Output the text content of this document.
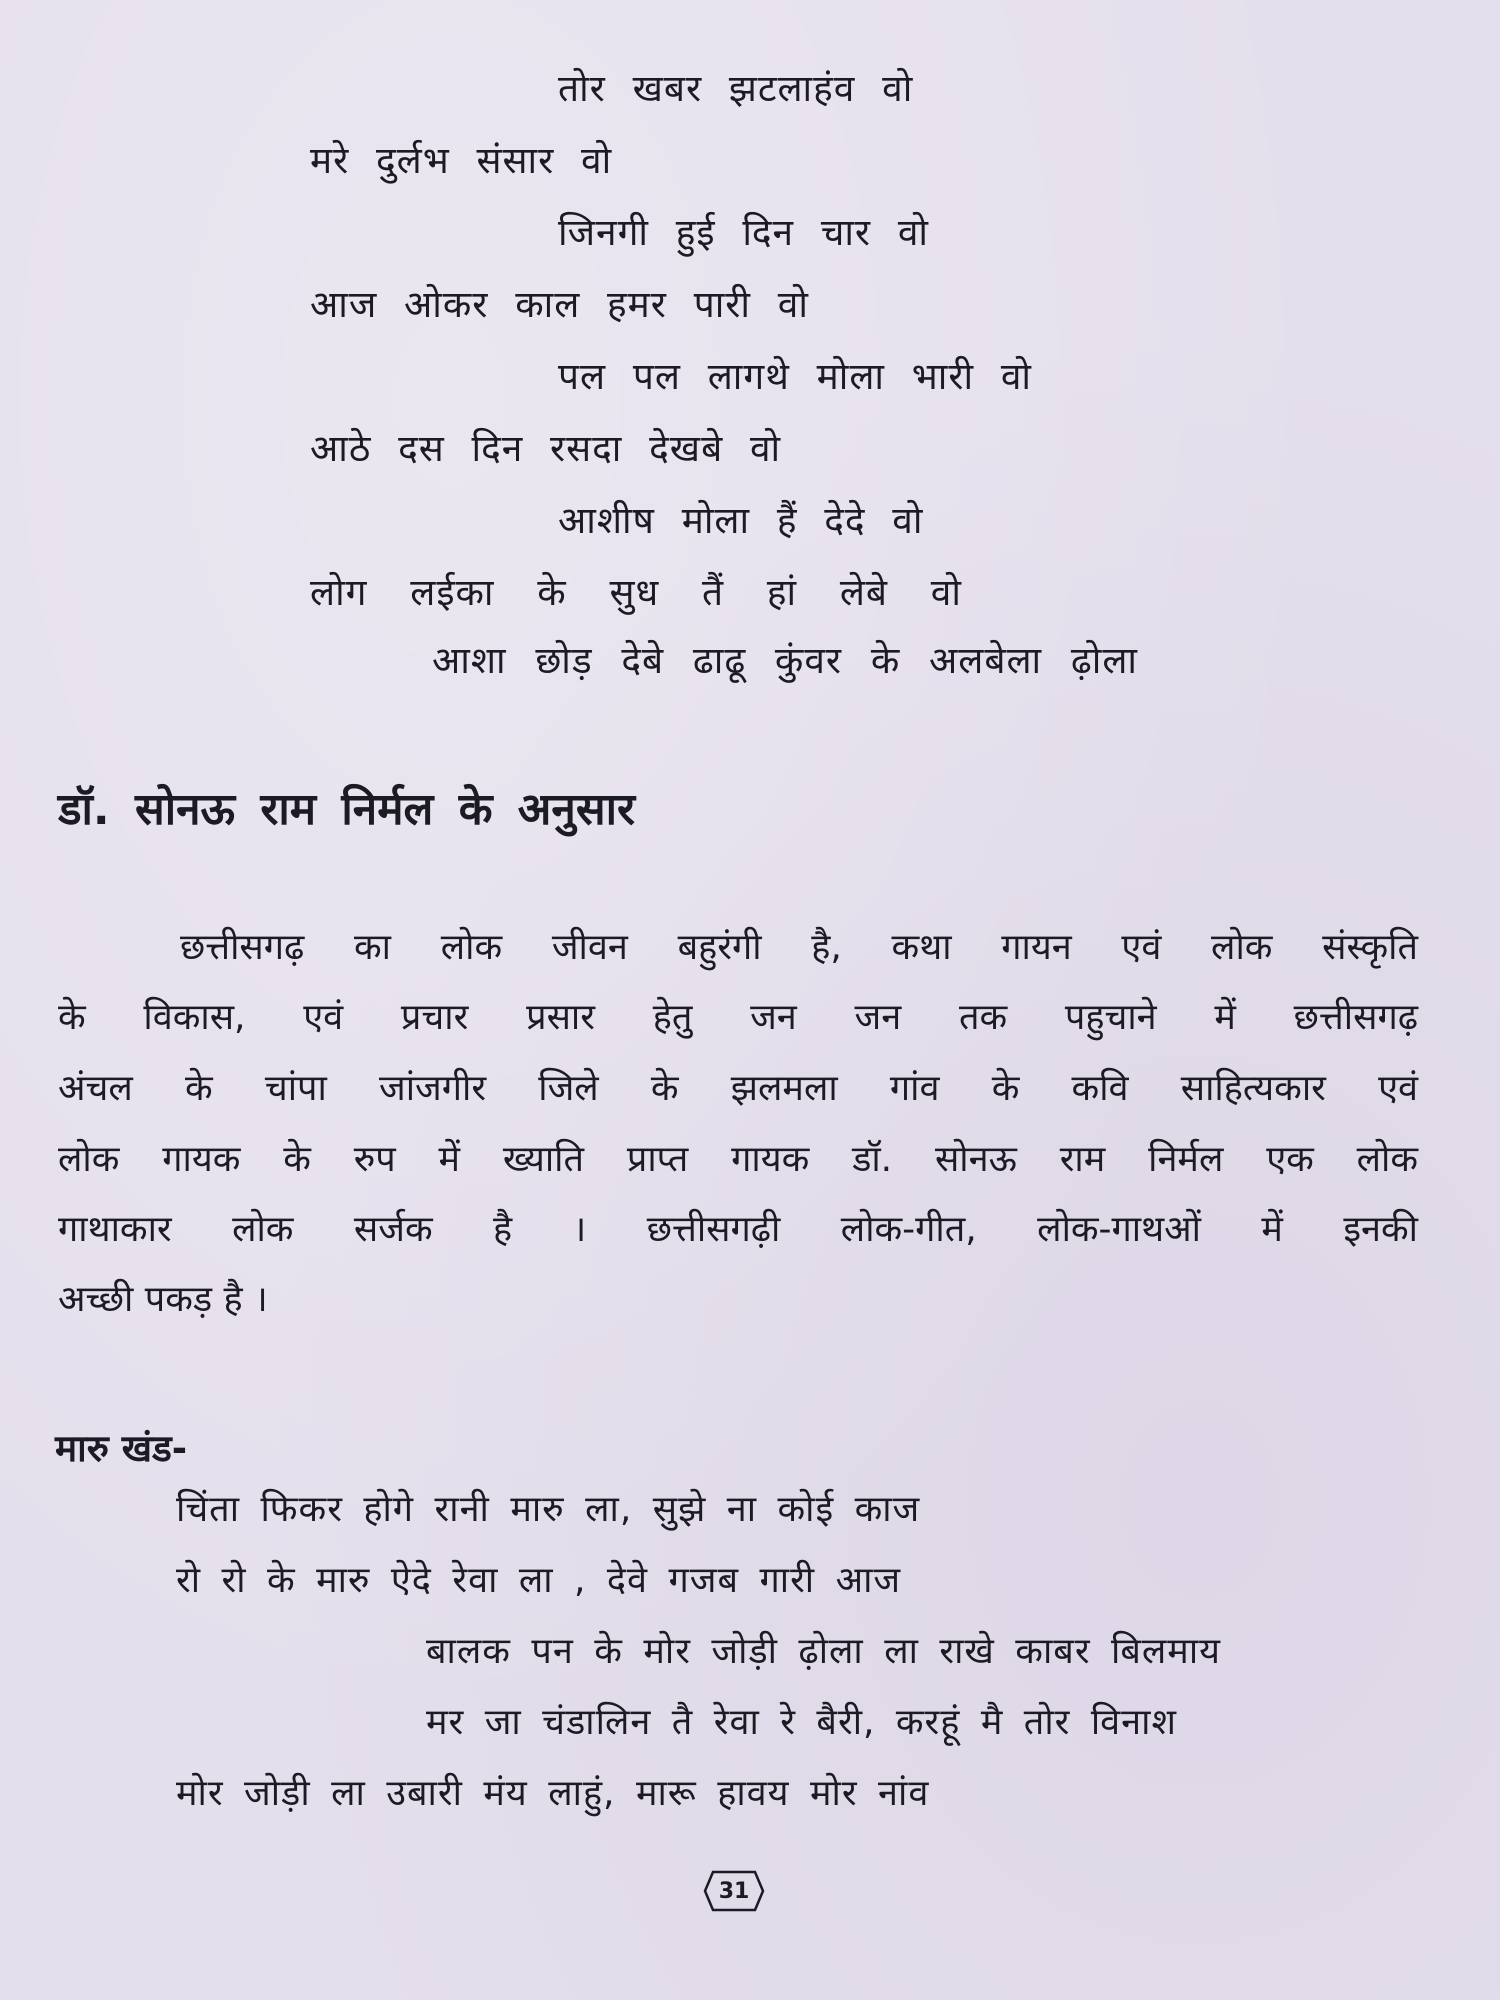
तोर खबर झटलाहंव वो
मरे दुर्लभ संसार वो
जिनगी हुई दिन चार वो
आज ओकर काल हमर पारी वो
पल पल लागथे मोला भारी वो
आठे दस दिन रसदा देखबे वो
आशीष मोला हैं देदे वो
लोग लईका के सुध तैं हां लेबे वो
आशा छोड़ देबे ढाढू कुंवर के अलबेला ढ़ोला
डॉ. सोनऊ राम निर्मल के अनुसार
छत्तीसगढ़ का लोक जीवन बहुरंगी है, कथा गायन एवं लोक संस्कृति
के विकास, एवं प्रचार प्रसार हेतु जन जन तक पहुचाने में छत्तीसगढ़
अंचल के चांपा जांजगीर जिले के झलमला गांव के कवि साहित्यकार एवं
लोक गायक के रुप में ख्याति प्राप्त गायक डॉ. सोनऊ राम निर्मल एक लोक
गाथाकार लोक सर्जक है । छत्तीसगढ़ी लोक-गीत, लोक-गाथओं में इनकी
अच्छी पकड़ है ।
मारु खंड-
चिंता फिकर होगे रानी मारु ला, सुझे ना कोई काज
रो रो के मारु ऐदे रेवा ला , देवे गजब गारी आज
बालक पन के मोर जोड़ी ढ़ोला ला राखे काबर बिलमाय
मर जा चंडालिन तै रेवा रे बैरी, करहूं मै तोर विनाश
मोर जोड़ी ला उबारी मंय लाहुं, मारू हावय मोर नांव
31
